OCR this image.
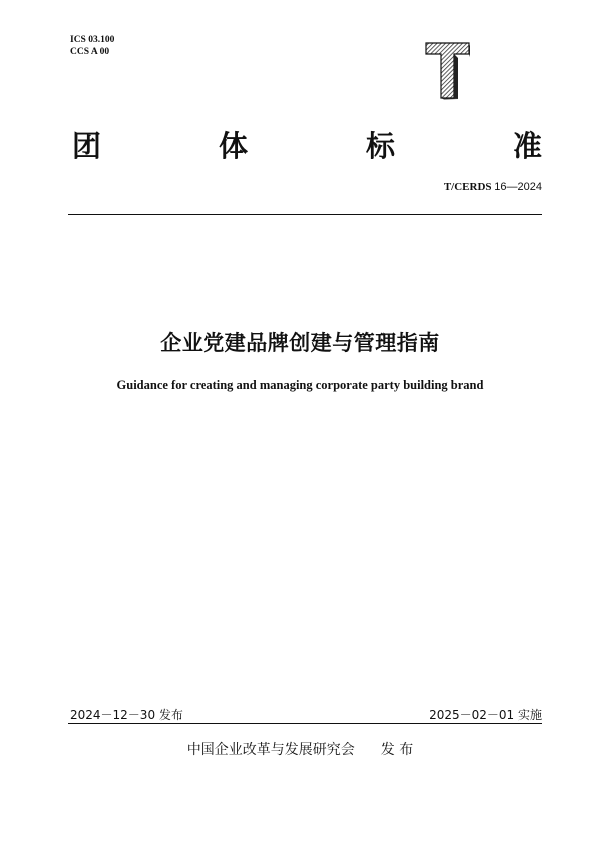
ICS 03.100
CCS A 00
团	体	标	准
T/CERDS 16—2024
企业党建品牌创建与管理指南
Guidance for creating and managing corporate party building brand
2024－12－30 发布	2025－02－01 实施
中国企业改革与发展研究会 发 布
